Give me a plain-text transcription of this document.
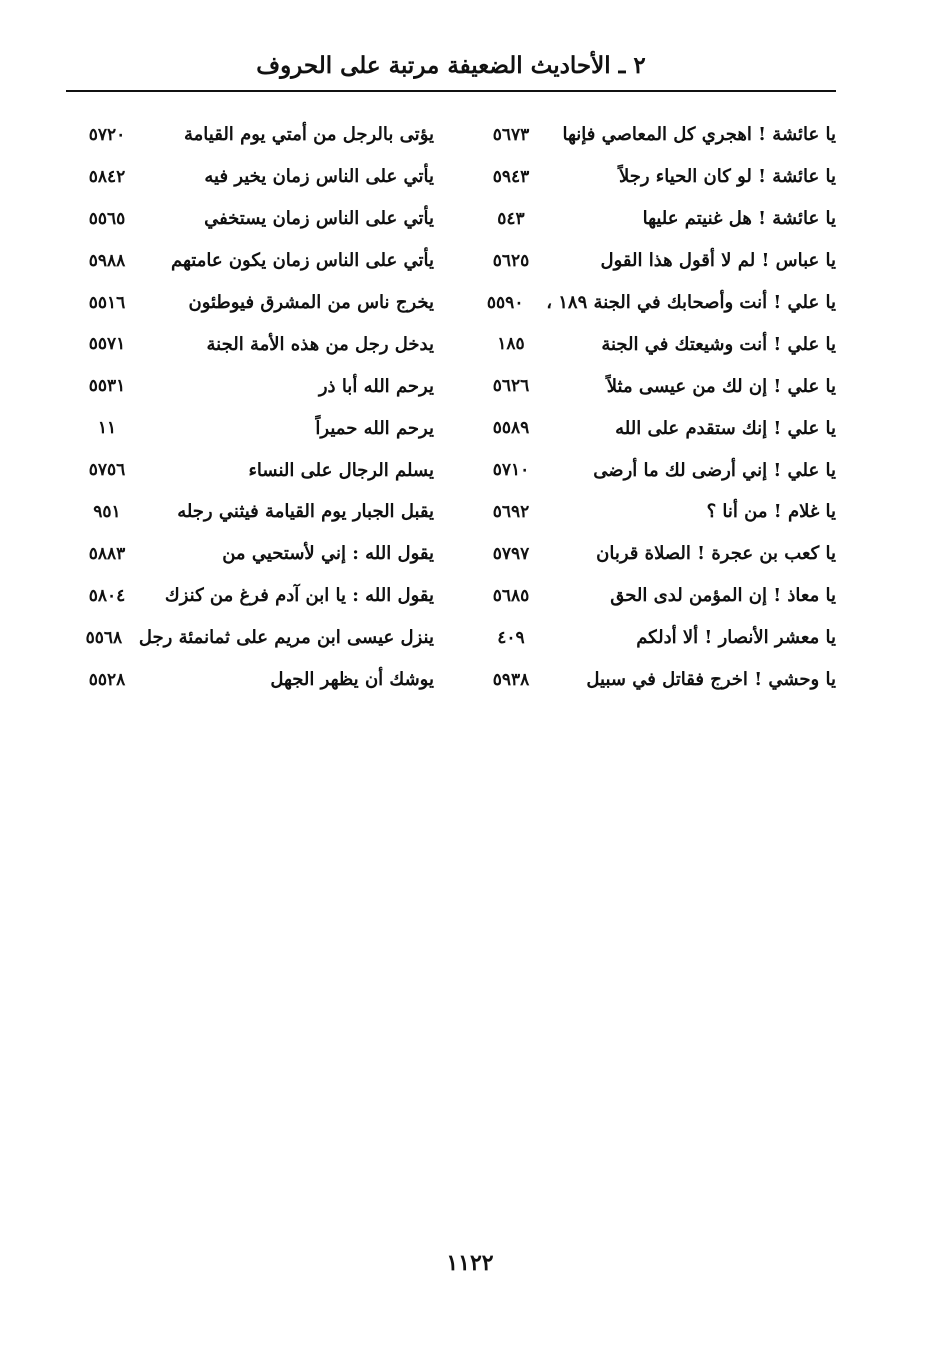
٢ ـ الأحاديث الضعيفة مرتبة على الحروف
يا عائشة ! اهجري كل المعاصي فإنها
٥٦٧٣
يا عائشة ! لو كان الحياء رجلاً
٥٩٤٣
يا عائشة ! هل غنيتم عليها
٥٤٣
يا عباس ! لم لا أقول هذا القول
٥٦٢٥
يا علي ! أنت وأصحابك في الجنة ١٨٩ ،
٥٥٩٠
يا علي ! أنت وشيعتك في الجنة
١٨٥
يا علي ! إن لك من عيسى مثلاً
٥٦٢٦
يا علي ! إنك ستقدم على الله
٥٥٨٩
يا علي ! إني أرضى لك ما أرضى
٥٧١٠
يا غلام ! من أنا ؟
٥٦٩٢
يا كعب بن عجرة ! الصلاة قربان
٥٧٩٧
يا معاذ ! إن المؤمن لدى الحق
٥٦٨٥
يا معشر الأنصار ! ألا أدلكم
٤٠٩
يا وحشي ! اخرج فقاتل في سبيل
٥٩٣٨
يؤتى بالرجل من أمتي يوم القيامة
٥٧٢٠
يأتي على الناس زمان يخير فيه
٥٨٤٢
يأتي على الناس زمان يستخفي
٥٥٦٥
يأتي على الناس زمان يكون عامتهم
٥٩٨٨
يخرج ناس من المشرق فيوطئون
٥٥١٦
يدخل رجل من هذه الأمة الجنة
٥٥٧١
يرحم الله أبا ذر
٥٥٣١
يرحم الله حميراً
١١
يسلم الرجال على النساء
٥٧٥٦
يقبل الجبار يوم القيامة فيثني رجله
٩٥١
يقول الله : إني لأستحيي من
٥٨٨٣
يقول الله : يا ابن آدم فرغ من كنزك
٥٨٠٤
ينزل عيسى ابن مريم على ثمانمئة رجل
٥٥٦٨
يوشك أن يظهر الجهل
٥٥٢٨
١١٢٢
